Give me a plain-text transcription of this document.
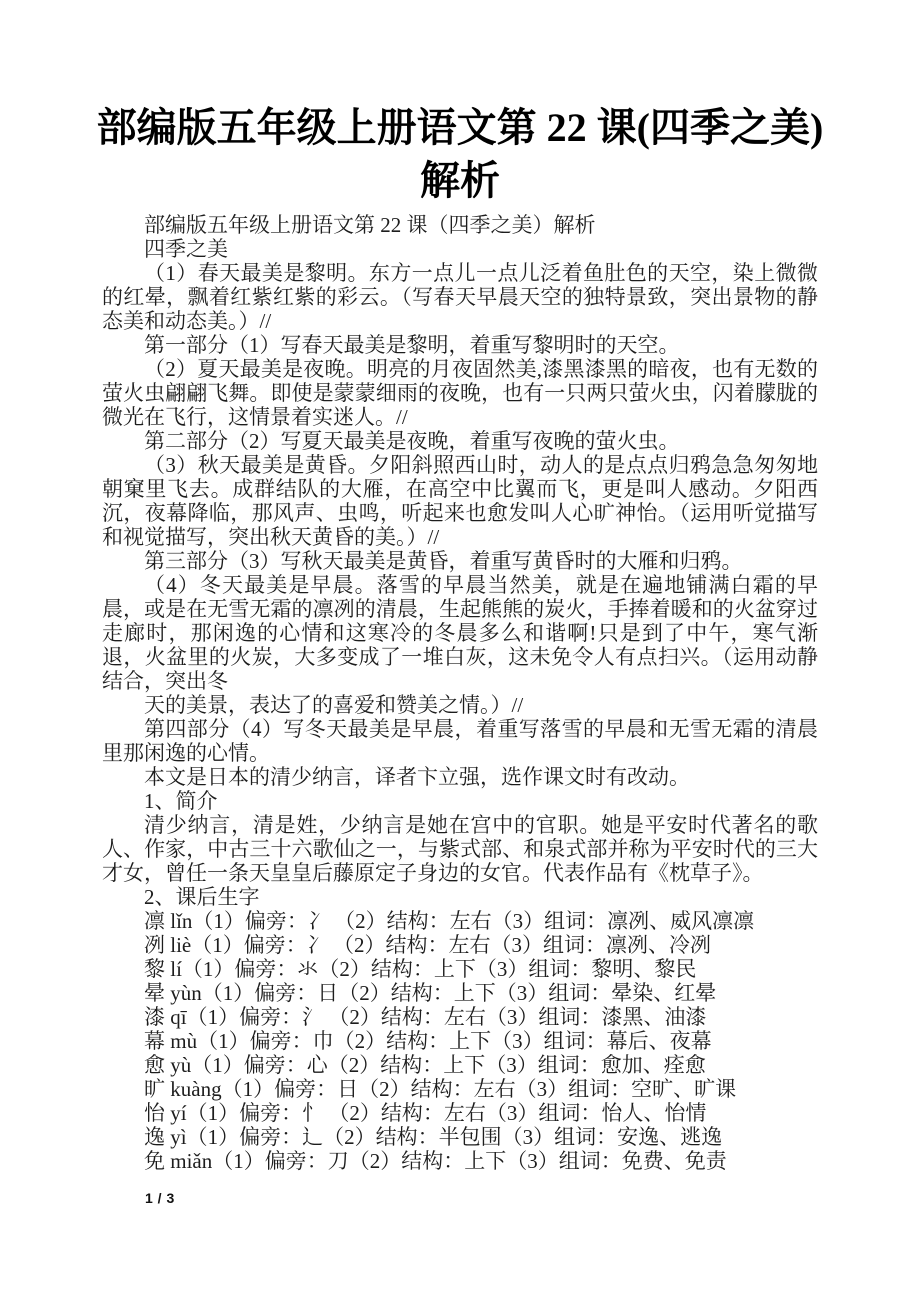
部编版五年级上册语文第 22 课(四季之美)
解析

部编版五年级上册语文第 22 课（四季之美）解析

四季之美

（1）春天最美是黎明。东方一点儿一点儿泛着鱼肚色的天空，染上微微的红晕，飘着红紫红紫的彩云。（写春天早晨天空的独特景致，突出景物的静态美和动态美。）//

第一部分（1）写春天最美是黎明，着重写黎明时的天空。

（2）夏天最美是夜晚。明亮的月夜固然美,漆黑漆黑的暗夜，也有无数的萤火虫翩翩飞舞。即使是蒙蒙细雨的夜晚，也有一只两只萤火虫，闪着朦胧的微光在飞行，这情景着实迷人。//

第二部分（2）写夏天最美是夜晚，着重写夜晚的萤火虫。

（3）秋天最美是黄昏。夕阳斜照西山时，动人的是点点归鸦急急匆匆地朝窠里飞去。成群结队的大雁，在高空中比翼而飞，更是叫人感动。夕阳西沉，夜幕降临，那风声、虫鸣，听起来也愈发叫人心旷神怡。（运用听觉描写和视觉描写，突出秋天黄昏的美。）//

第三部分（3）写秋天最美是黄昏，着重写黄昏时的大雁和归鸦。

（4）冬天最美是早晨。落雪的早晨当然美，就是在遍地铺满白霜的早晨，或是在无雪无霜的凛冽的清晨，生起熊熊的炭火，手捧着暖和的火盆穿过走廊时，那闲逸的心情和这寒冷的冬晨多么和谐啊!只是到了中午，寒气渐退，火盆里的火炭，大多变成了一堆白灰，这未免令人有点扫兴。（运用动静结合，突出冬

天的美景，表达了的喜爱和赞美之情。）//

第四部分（4）写冬天最美是早晨，着重写落雪的早晨和无雪无霜的清晨里那闲逸的心情。

本文是日本的清少纳言，译者卞立强，选作课文时有改动。

1、简介

清少纳言，清是姓，少纳言是她在宫中的官职。她是平安时代著名的歌人、作家，中古三十六歌仙之一，与紫式部、和泉式部并称为平安时代的三大才女，曾任一条天皇皇后藤原定子身边的女官。代表作品有《枕草子》。

2、课后生字

凛 lǐn（1）偏旁：冫 （2）结构：左右（3）组词：凛冽、威风凛凛

冽 liè（1）偏旁：冫 （2）结构：左右（3）组词：凛冽、冷冽

黎 lí（1）偏旁：氺（2）结构：上下（3）组词：黎明、黎民

晕 yùn（1）偏旁：日（2）结构：上下（3）组词：晕染、红晕

漆 qī（1）偏旁：氵 （2）结构：左右（3）组词：漆黑、油漆

幕 mù（1）偏旁：巾（2）结构：上下（3）组词：幕后、夜幕

愈 yù（1）偏旁：心（2）结构：上下（3）组词：愈加、痊愈

旷 kuàng（1）偏旁：日（2）结构：左右（3）组词：空旷、旷课

怡 yí（1）偏旁：忄 （2）结构：左右（3）组词：怡人、怡情

逸 yì（1）偏旁：辶（2）结构：半包围（3）组词：安逸、逃逸

免 miǎn（1）偏旁：刀（2）结构：上下（3）组词：免费、免责

1 / 3
